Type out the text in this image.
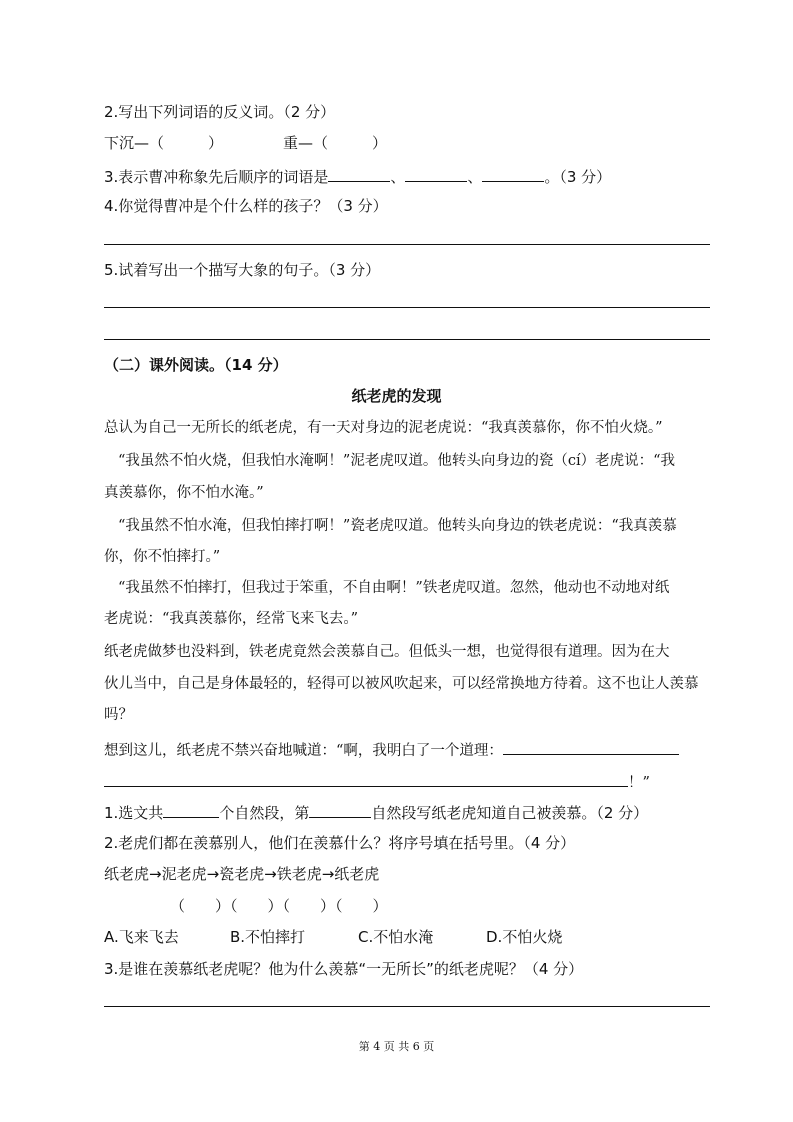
2.写出下列词语的反义词。（2 分）
下沉—（	）	重—（	）
3.表示曹冲称象先后顺序的词语是	、	、	。（3 分）
4.你觉得曹冲是个什么样的孩子？（3 分）
5.试着写出一个描写大象的句子。（3 分）
（二）课外阅读。（14 分）
纸老虎的发现
总认为自己一无所长的纸老虎，有一天对身边的泥老虎说：“我真羡慕你，你不怕火烧。”
“我虽然不怕火烧，但我怕水淹啊！”泥老虎叹道。他转头向身边的瓷（cí）老虎说：“我
真羡慕你，你不怕水淹。”
“我虽然不怕水淹，但我怕摔打啊！”瓷老虎叹道。他转头向身边的铁老虎说：“我真羡慕
你，你不怕摔打。”
“我虽然不怕摔打，但我过于笨重，不自由啊！”铁老虎叹道。忽然，他动也不动地对纸
老虎说：“我真羡慕你，经常飞来飞去。”
纸老虎做梦也没料到，铁老虎竟然会羡慕自己。但低头一想，也觉得很有道理。因为在大
伙儿当中，自己是身体最轻的，轻得可以被风吹起来，可以经常换地方待着。这不也让人羡慕
吗？
想到这儿，纸老虎不禁兴奋地喊道：“啊，我明白了一个道理：
！”
1.选文共	个自然段，第	自然段写纸老虎知道自己被羡慕。（2 分）
2.老虎们都在羡慕别人，他们在羡慕什么？将序号填在括号里。（4 分）
纸老虎→泥老虎→瓷老虎→铁老虎→纸老虎
（　　）（　　）（　　）（　　）
A.飞来飞去	B.不怕摔打	C.不怕水淹	D.不怕火烧
3.是谁在羡慕纸老虎呢？他为什么羡慕“一无所长”的纸老虎呢？（4 分）
第 4 页 共 6 页
